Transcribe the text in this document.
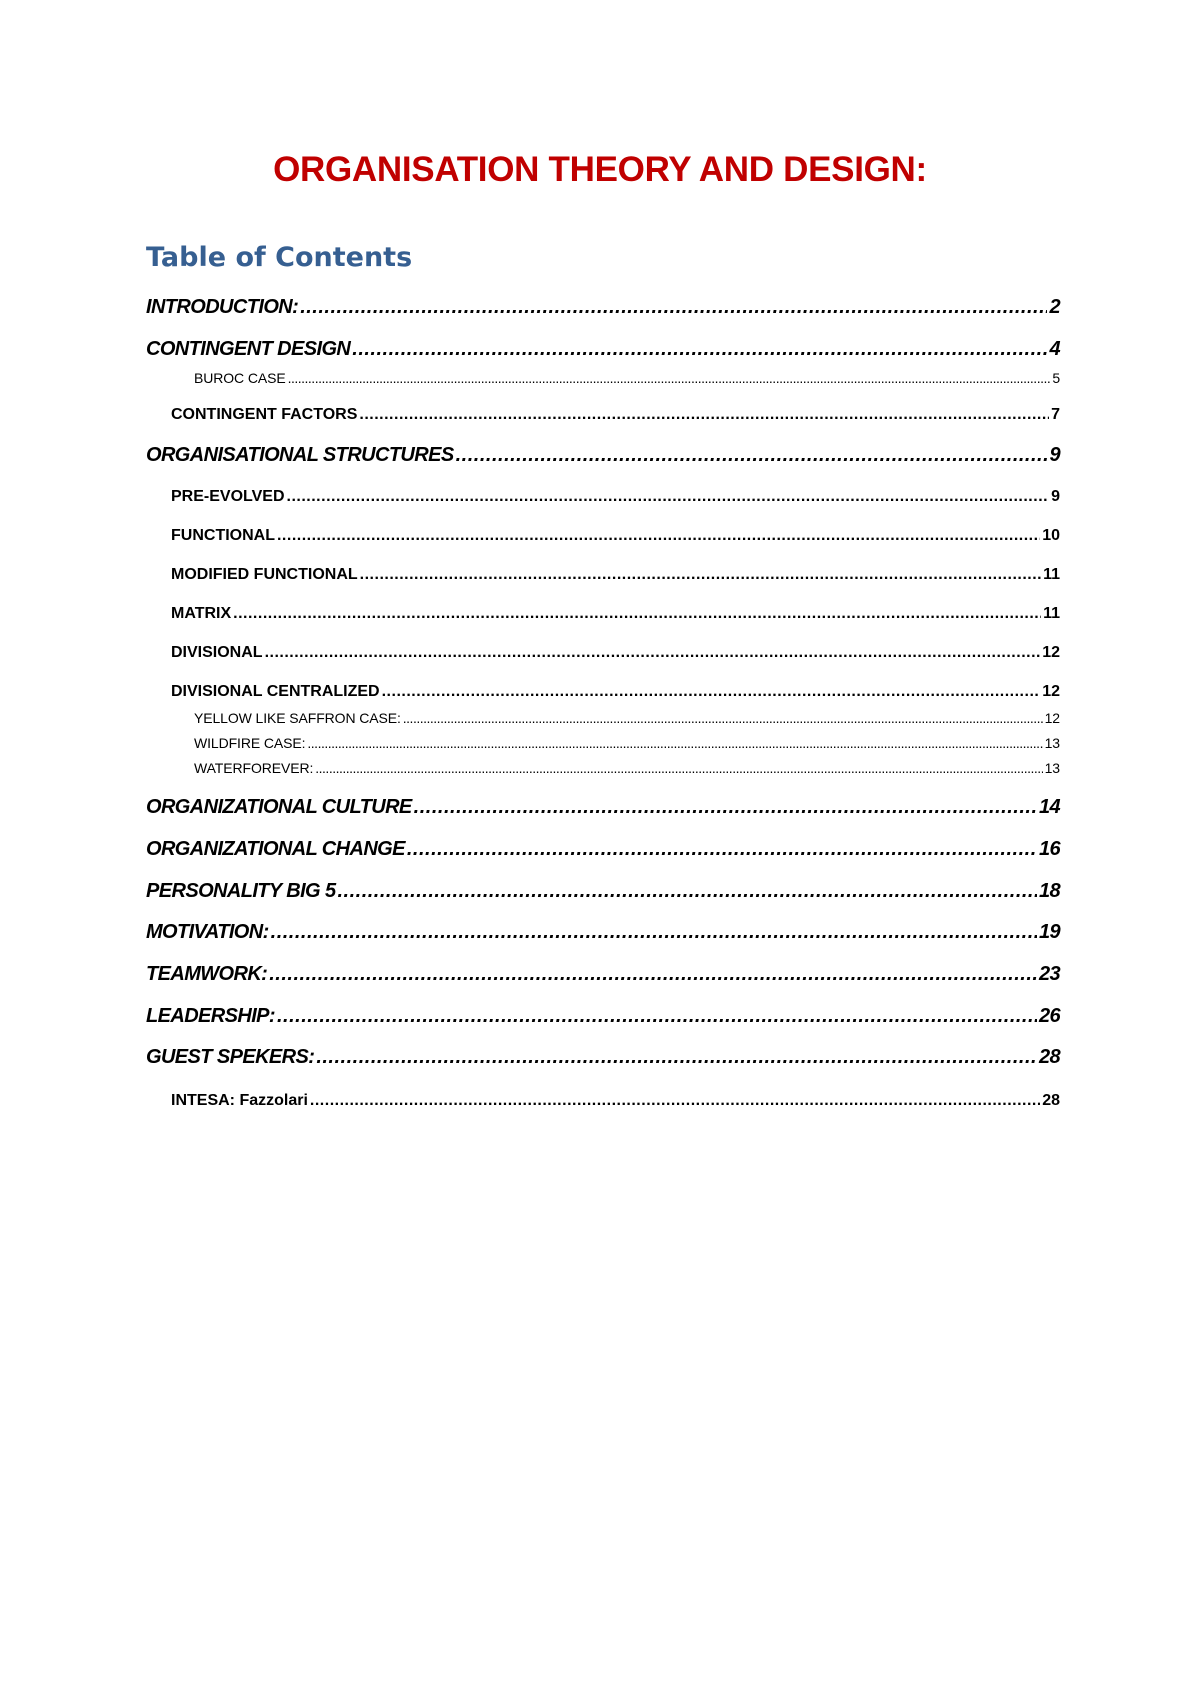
ORGANISATION THEORY AND DESIGN:
Table of Contents
INTRODUCTION: .....	2
CONTINGENT DESIGN .....	4
BUROC CASE .....	5
CONTINGENT FACTORS .....	7
ORGANISATIONAL STRUCTURES .....	9
PRE-EVOLVED .....	9
FUNCTIONAL .....	10
MODIFIED FUNCTIONAL .....	11
MATRIX .....	11
DIVISIONAL .....	12
DIVISIONAL CENTRALIZED .....	12
YELLOW LIKE SAFFRON CASE: .....	12
WILDFIRE CASE: .....	13
WATERFOREVER: .....	13
ORGANIZATIONAL CULTURE .....	14
ORGANIZATIONAL CHANGE .....	16
PERSONALITY BIG 5 .....	18
MOTIVATION: .....	19
TEAMWORK: .....	23
LEADERSHIP: .....	26
GUEST SPEKERS: .....	28
INTESA: Fazzolari .....	28
